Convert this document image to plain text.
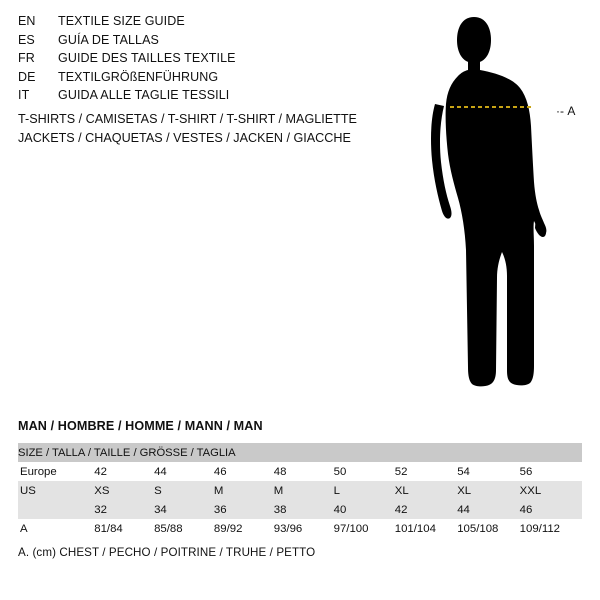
EN	TEXTILE SIZE GUIDE
ES	GUÍA DE TALLAS
FR	GUIDE DES TAILLES TEXTILE
DE	TEXTILGRÖßENFÜHRUNG
IT	GUIDA ALLE TAGLIE TESSILI
T-SHIRTS / CAMISETAS / T-SHIRT / T-SHIRT / MAGLIETTE
JACKETS / CHAQUETAS / VESTES / JACKEN / GIACCHE
·‑ A
MAN / HOMBRE / HOMME / MANN / MAN
SIZE / TALLA / TAILLE / GRÖSSE / TAGLIA								
Europe	42	44	46	48	50	52	54	56
US	XS	S	M	M	L	XL	XL	XXL
	32	34	36	38	40	42	44	46
A	81/84	85/88	89/92	93/96	97/100	101/104	105/108	109/112
A. (cm) CHEST / PECHO / POITRINE / TRUHE / PETTO
